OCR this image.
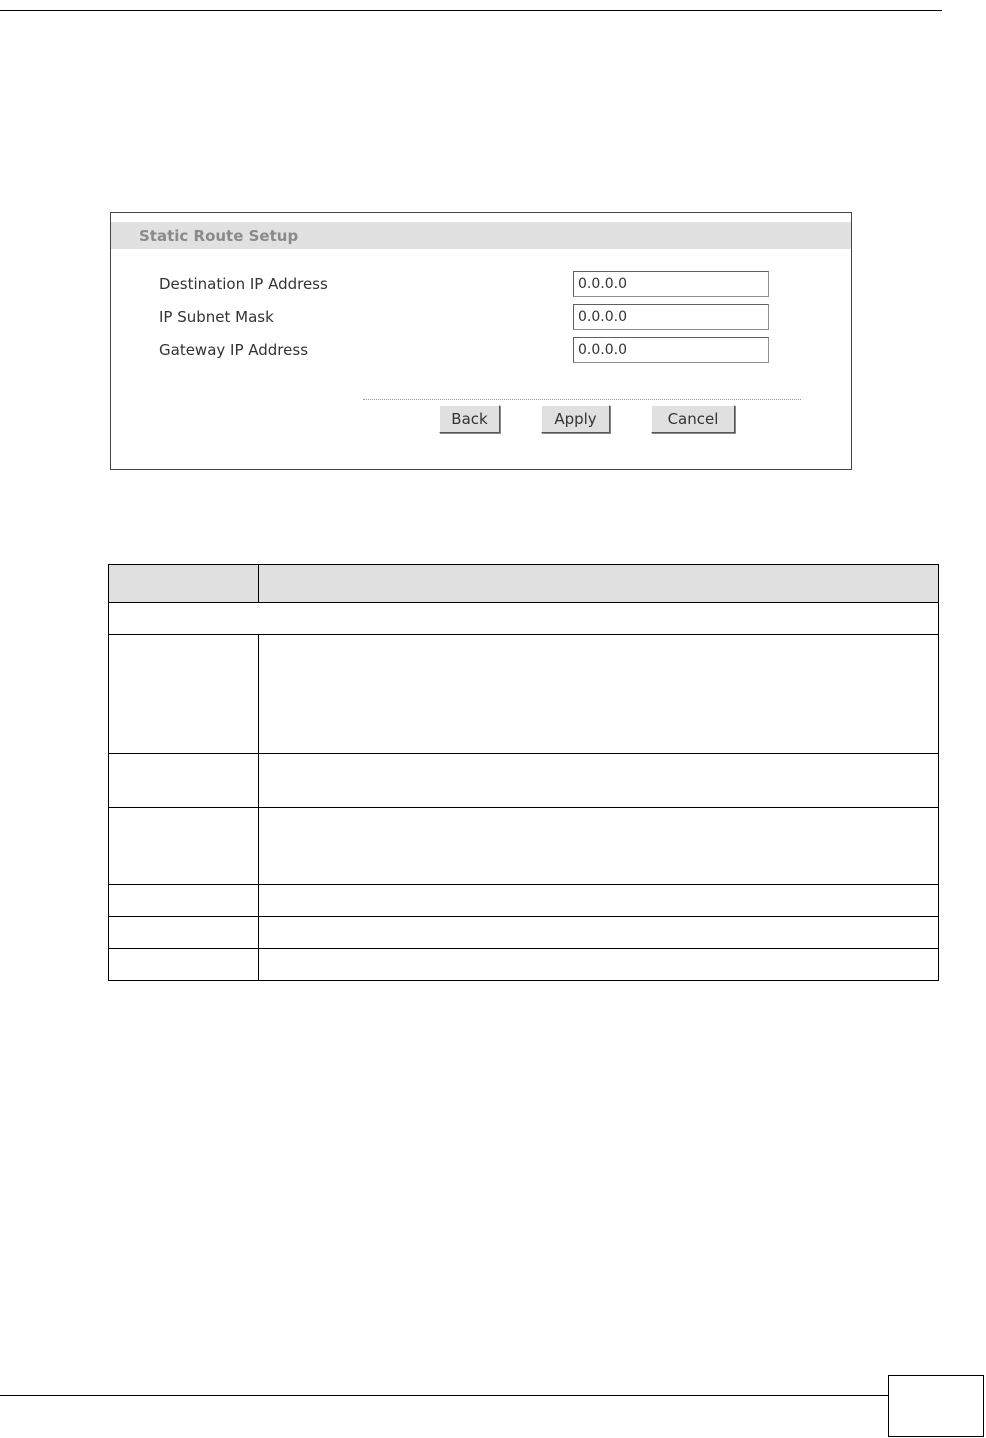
Static Route Setup
Destination IP Address
0.0.0.0
IP Subnet Mask
0.0.0.0
Gateway IP Address
0.0.0.0
Back	Apply	Cancel
